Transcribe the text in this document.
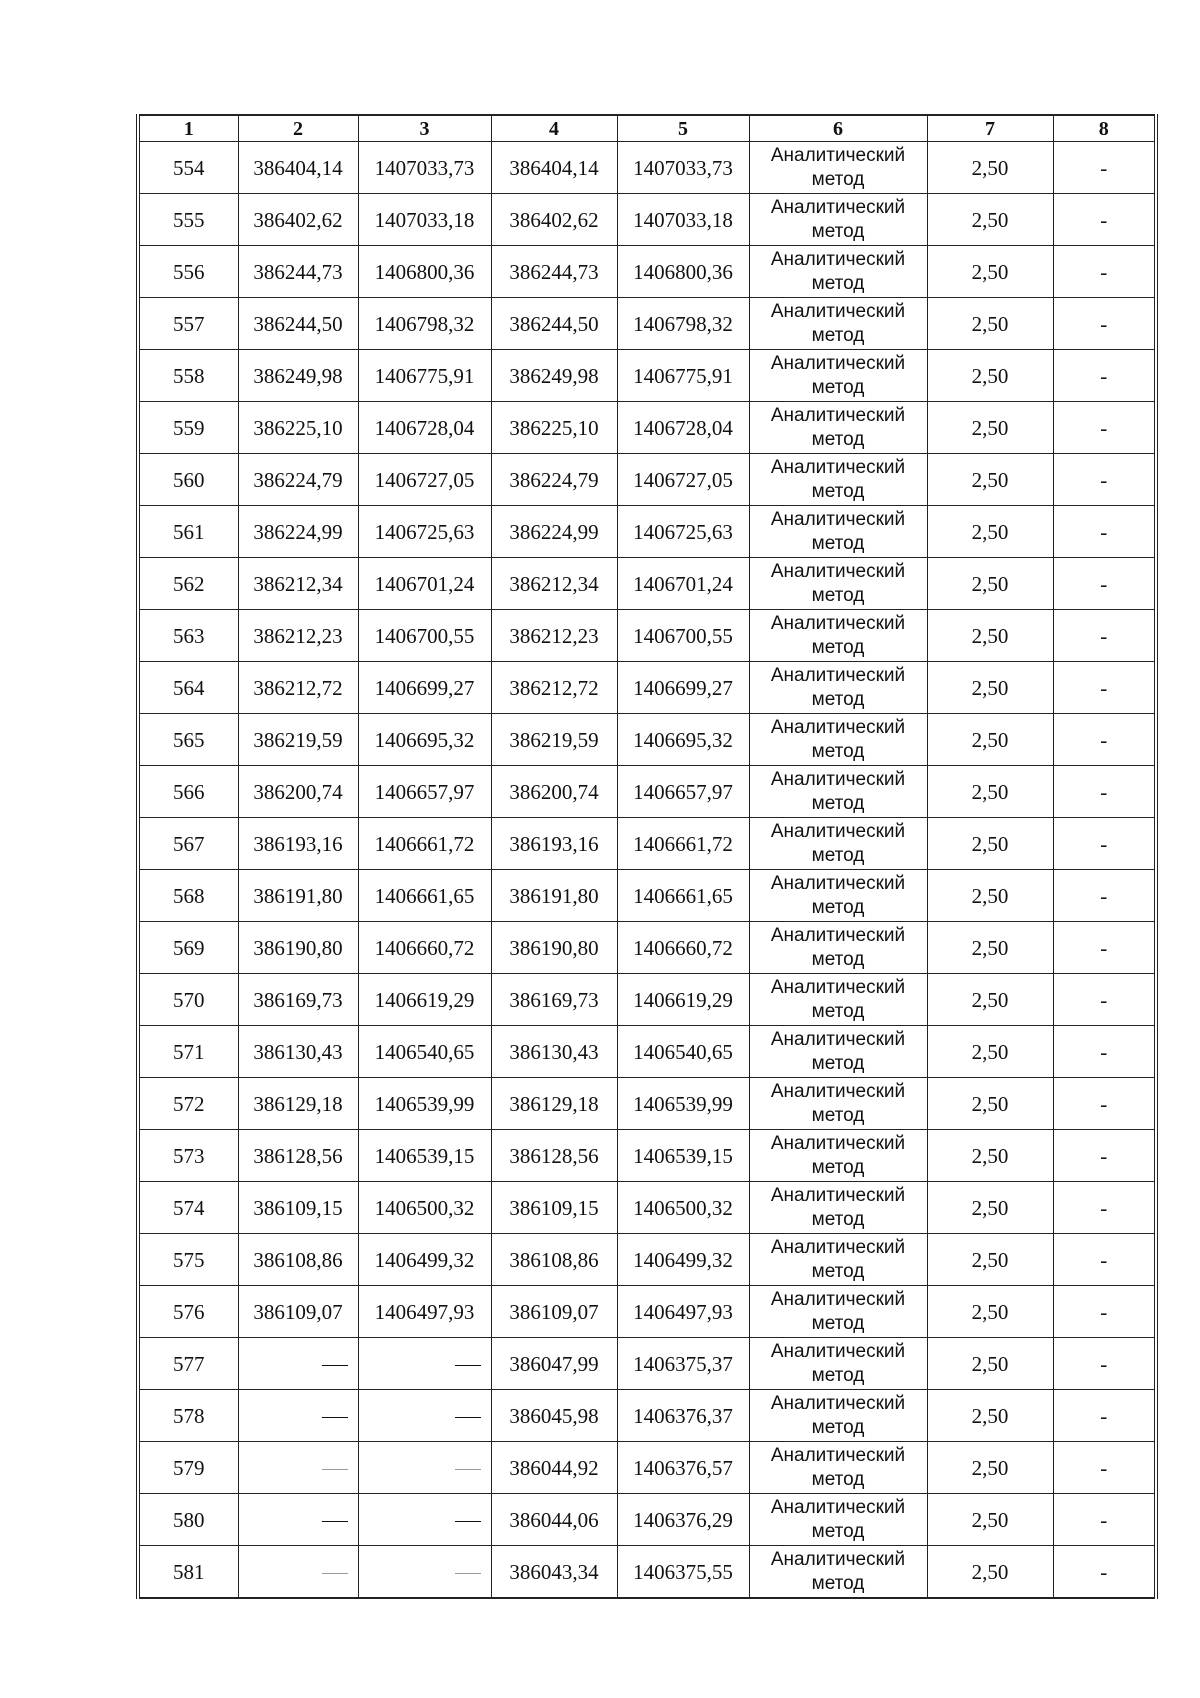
1	2	3	4	5	6	7	8
554	386404,14	1407033,73	386404,14	1407033,73	Аналитический метод	2,50	-
555	386402,62	1407033,18	386402,62	1407033,18	Аналитический метод	2,50	-
556	386244,73	1406800,36	386244,73	1406800,36	Аналитический метод	2,50	-
557	386244,50	1406798,32	386244,50	1406798,32	Аналитический метод	2,50	-
558	386249,98	1406775,91	386249,98	1406775,91	Аналитический метод	2,50	-
559	386225,10	1406728,04	386225,10	1406728,04	Аналитический метод	2,50	-
560	386224,79	1406727,05	386224,79	1406727,05	Аналитический метод	2,50	-
561	386224,99	1406725,63	386224,99	1406725,63	Аналитический метод	2,50	-
562	386212,34	1406701,24	386212,34	1406701,24	Аналитический метод	2,50	-
563	386212,23	1406700,55	386212,23	1406700,55	Аналитический метод	2,50	-
564	386212,72	1406699,27	386212,72	1406699,27	Аналитический метод	2,50	-
565	386219,59	1406695,32	386219,59	1406695,32	Аналитический метод	2,50	-
566	386200,74	1406657,97	386200,74	1406657,97	Аналитический метод	2,50	-
567	386193,16	1406661,72	386193,16	1406661,72	Аналитический метод	2,50	-
568	386191,80	1406661,65	386191,80	1406661,65	Аналитический метод	2,50	-
569	386190,80	1406660,72	386190,80	1406660,72	Аналитический метод	2,50	-
570	386169,73	1406619,29	386169,73	1406619,29	Аналитический метод	2,50	-
571	386130,43	1406540,65	386130,43	1406540,65	Аналитический метод	2,50	-
572	386129,18	1406539,99	386129,18	1406539,99	Аналитический метод	2,50	-
573	386128,56	1406539,15	386128,56	1406539,15	Аналитический метод	2,50	-
574	386109,15	1406500,32	386109,15	1406500,32	Аналитический метод	2,50	-
575	386108,86	1406499,32	386108,86	1406499,32	Аналитический метод	2,50	-
576	386109,07	1406497,93	386109,07	1406497,93	Аналитический метод	2,50	-
577			386047,99	1406375,37	Аналитический метод	2,50	-
578			386045,98	1406376,37	Аналитический метод	2,50	-
579			386044,92	1406376,57	Аналитический метод	2,50	-
580			386044,06	1406376,29	Аналитический метод	2,50	-
581			386043,34	1406375,55	Аналитический метод	2,50	-
